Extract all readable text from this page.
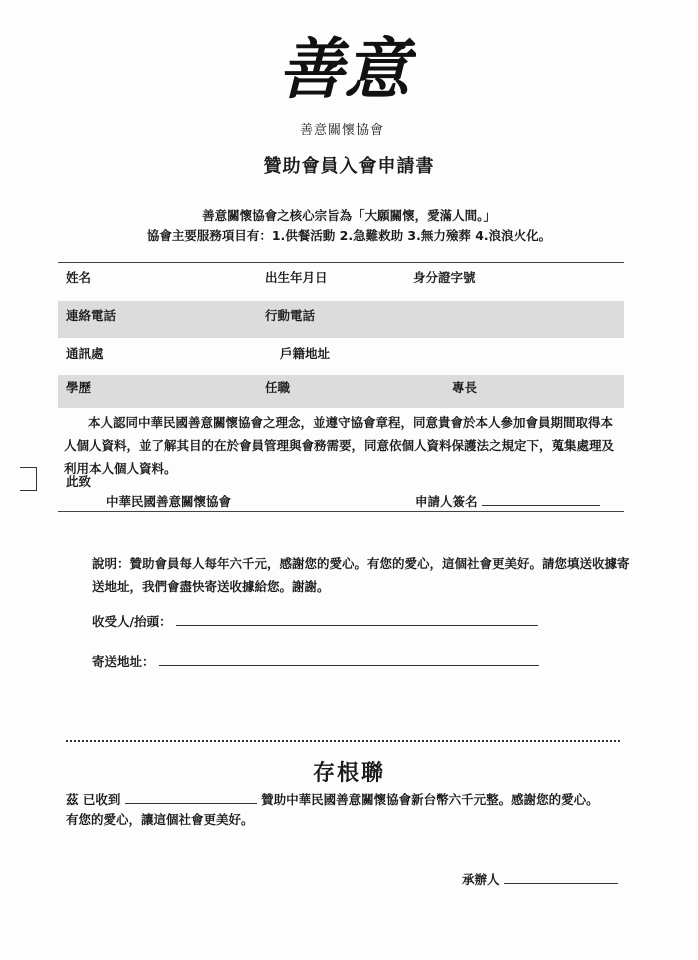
善意
善意關懷協會
贊助會員入會申請書
善意關懷協會之核心宗旨為「大願關懷，愛滿人間。」
協會主要服務項目有：1.供餐活動 2.急難救助 3.無力殮葬 4.浪浪火化。
姓名	出生年月日	身分證字號
連絡電話	行動電話
通訊處	戶籍地址
學歷	任職	專長
本人認同中華民國善意關懷協會之理念，並遵守協會章程，同意貴會於本人參加會員期間取得本人個人資料，並了解其目的在於會員管理與會務需要，同意依個人資料保護法之規定下，蒐集處理及利用本人個人資料。
此致
中華民國善意關懷協會	申請人簽名
說明：贊助會員每人每年六千元，感謝您的愛心。有您的愛心，這個社會更美好。請您填送收據寄送地址，我們會盡快寄送收據給您。謝謝。
收受人/抬頭：
寄送地址：
存根聯
茲 已收到	贊助中華民國善意關懷協會新台幣六千元整。感謝您的愛心。
有您的愛心，讓這個社會更美好。
承辦人
